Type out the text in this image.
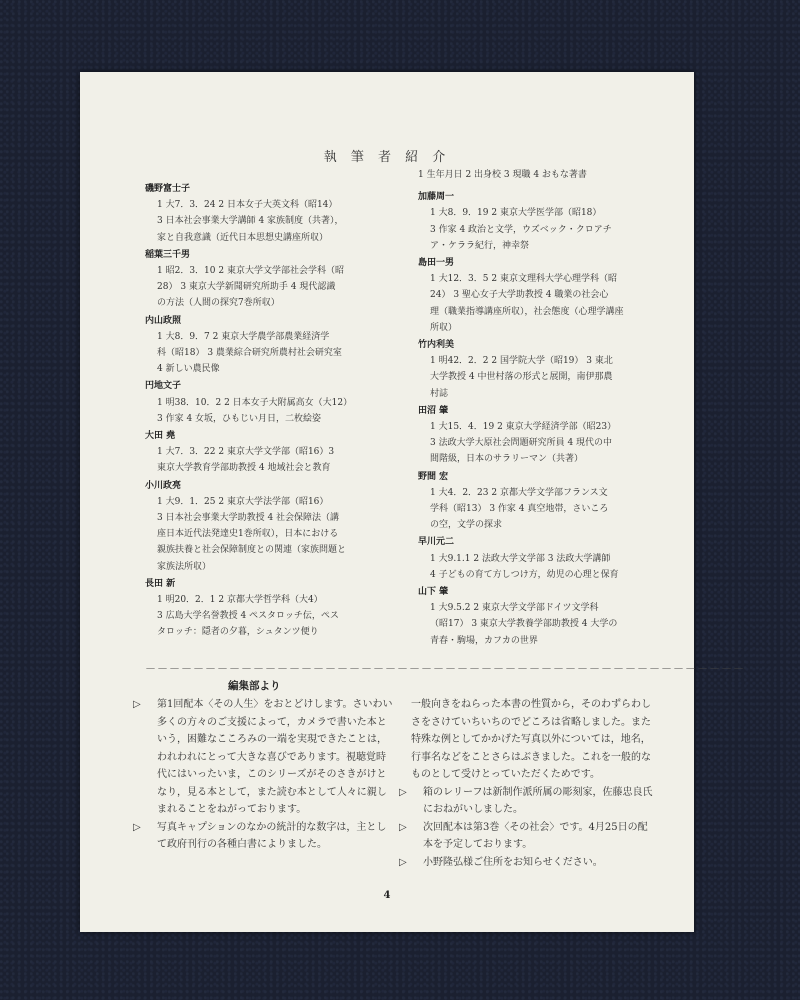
執 筆 者 紹 介
磯野富士子
1 大7．3．24 2 日本女子大英文科（昭14）
3 日本社会事業大学講師 4 家族制度（共著），
家と自我意識（近代日本思想史講座所収）
稲葉三千男
1 昭2．3．10 2 東京大学文学部社会学科（昭
28） 3 東京大学新聞研究所助手 4 現代認識
の方法（人間の探究7巻所収）
内山政照
1 大8．9．7 2 東京大学農学部農業経済学
科（昭18） 3 農業綜合研究所農村社会研究室
4 新しい農民像
円地文子
1 明38．10．2 2 日本女子大附属高女（大12）
3 作家 4 女坂，ひもじい月日，二枚絵姿
大田 堯
1 大7．3．22 2 東京大学文学部（昭16）3
東京大学教育学部助教授 4 地域社会と教育
小川政亮
1 大9．1．25 2 東京大学法学部（昭16）
3 日本社会事業大学助教授 4 社会保障法（講
座日本近代法発達史1巻所収），日本における
親族扶養と社会保障制度との関連（家族問題と
家族法所収）
長田 新
1 明20．2．1 2 京都大学哲学科（大4）
3 広島大学名誉教授 4 ペスタロッチ伝，ペス
タロッチ：隠者の夕暮，シュタンツ便り
1 生年月日 2 出身校 3 現職 4 おもな著書
加藤周一
1 大8．9．19 2 東京大学医学部（昭18）
3 作家 4 政治と文学，ウズベック・クロアチ
ア・ケララ紀行，神幸祭
島田一男
1 大12．3．5 2 東京文理科大学心理学科（昭
24） 3 聖心女子大学助教授 4 職業の社会心
理（職業指導講座所収），社会態度（心理学講座
所収）
竹内利美
1 明42．2．2 2 国学院大学（昭19） 3 東北
大学教授 4 中世村落の形式と展開，南伊那農
村誌
田沼 肇
1 大15．4．19 2 東京大学経済学部（昭23）
3 法政大学大原社会問題研究所員 4 現代の中
間階級，日本のサラリーマン（共著）
野間 宏
1 大4．2．23 2 京都大学文学部フランス文
学科（昭13） 3 作家 4 真空地帯，さいころ
の空，文学の探求
早川元二
1 大9.1.1 2 法政大学文学部 3 法政大学講師
4 子どもの育て方しつけ方，幼児の心理と保育
山下 肇
1 大9.5.2 2 東京大学文学部ドイツ文学科
（昭17） 3 東京大学教養学部助教授 4 大学の
青春・駒場，カフカの世界
－－－－－－－－－－－－－－－－－－－－－－－－－－－－－－－－－－－－－－－－－－－－－－－－－－
編集部より
▷ 第1回配本〈その人生〉をおとどけします。さいわい多くの方々のご支援によって，カメラで書いた本という，困難なこころみの一端を実現できたことは，われわれにとって大きな喜びであります。視聴覚時代にはいったいま，このシリーズがそのさきがけとなり，見る本として，また読む本として人々に親しまれることをねがっております。
▷ 写真キャプションのなかの統計的な数字は，主として政府刊行の各種白書によりました。
一般向きをねらった本書の性質から，そのわずらわしさをさけていちいちのでどころは省略しました。また特殊な例としてかかげた写真以外については，地名，行事名などをことさらはぶきました。これを一般的なものとして受けとっていただくためです。
▷ 箱のレリーフは新制作派所属の彫刻家，佐藤忠良氏におねがいしました。
▷ 次回配本は第3巻〈その社会〉です。4月25日の配本を予定しております。
▷ 小野隆弘様ご住所をお知らせください。
4
